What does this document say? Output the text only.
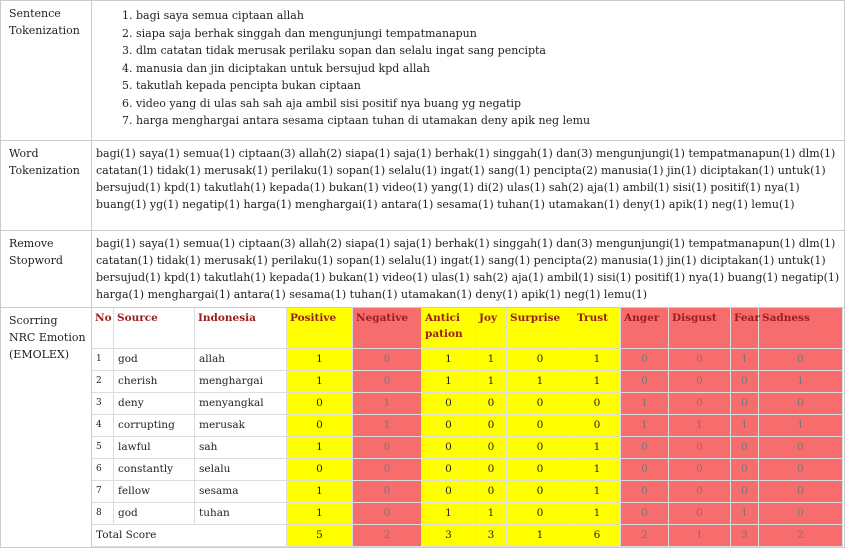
Sentence Tokenization	
1. bagi saya semua ciptaan allah
2. siapa saja berhak singgah dan mengunjungi tempatmanapun
3. dlm catatan tidak merusak perilaku sopan dan selalu ingat sang pencipta
4. manusia dan jin diciptakan untuk bersujud kpd allah
5. takutlah kepada pencipta bukan ciptaan
6. video yang di ulas sah sah aja ambil sisi positif nya buang yg negatip
7. harga menghargai antara sesama ciptaan tuhan di utamakan deny apik neg lemu

Word Tokenization	bagi(1) saya(1) semua(1) ciptaan(3) allah(2) siapa(1) saja(1) berhak(1) singgah(1) dan(3) mengunjungi(1) tempatmanapun(1) dlm(1) catatan(1) tidak(1) merusak(1) perilaku(1) sopan(1) selalu(1) ingat(1) sang(1) pencipta(2) manusia(1) jin(1) diciptakan(1) untuk(1) bersujud(1) kpd(1) takutlah(1) kepada(1) bukan(1) video(1) yang(1) di(2) ulas(1) sah(2) aja(1) ambil(1) sisi(1) positif(1) nya(1) buang(1) yg(1) negatip(1) harga(1) menghargai(1) antara(1) sesama(1) tuhan(1) utamakan(1) deny(1) apik(1) neg(1) lemu(1)
Remove Stopword	bagi(1) saya(1) semua(1) ciptaan(3) allah(2) siapa(1) saja(1) berhak(1) singgah(1) dan(3) mengunjungi(1) tempatmanapun(1) dlm(1) catatan(1) tidak(1) merusak(1) perilaku(1) sopan(1) selalu(1) ingat(1) sang(1) pencipta(2) manusia(1) jin(1) diciptakan(1) untuk(1) bersujud(1) kpd(1) takutlah(1) kepada(1) bukan(1) video(1) ulas(1) sah(2) aja(1) ambil(1) sisi(1) positif(1) nya(1) buang(1) negatip(1) harga(1) menghargai(1) antara(1) sesama(1) tuhan(1) utamakan(1) deny(1) apik(1) neg(1) lemu(1)
Scorring NRC Emotion (EMOLEX)	
No	Source	Indonesia	Positive	Negative	Antici pation	Joy	Surprise	Trust	Anger	Disgust	Fear	Sadness
1	god	allah	1	0	1	1	0	1	0	0	1	0
2	cherish	menghargai	1	0	1	1	1	1	0	0	0	1
3	deny	menyangkal	0	1	0	0	0	0	1	0	0	0
4	corrupting	merusak	0	1	0	0	0	0	1	1	1	1
5	lawful	sah	1	0	0	0	0	1	0	0	0	0
6	constantly	selalu	0	0	0	0	0	1	0	0	0	0
7	fellow	sesama	1	0	0	0	0	1	0	0	0	0
8	god	tuhan	1	0	1	1	0	1	0	0	1	0
Total Score	5	2	3	3	1	6	2	1	3	2
